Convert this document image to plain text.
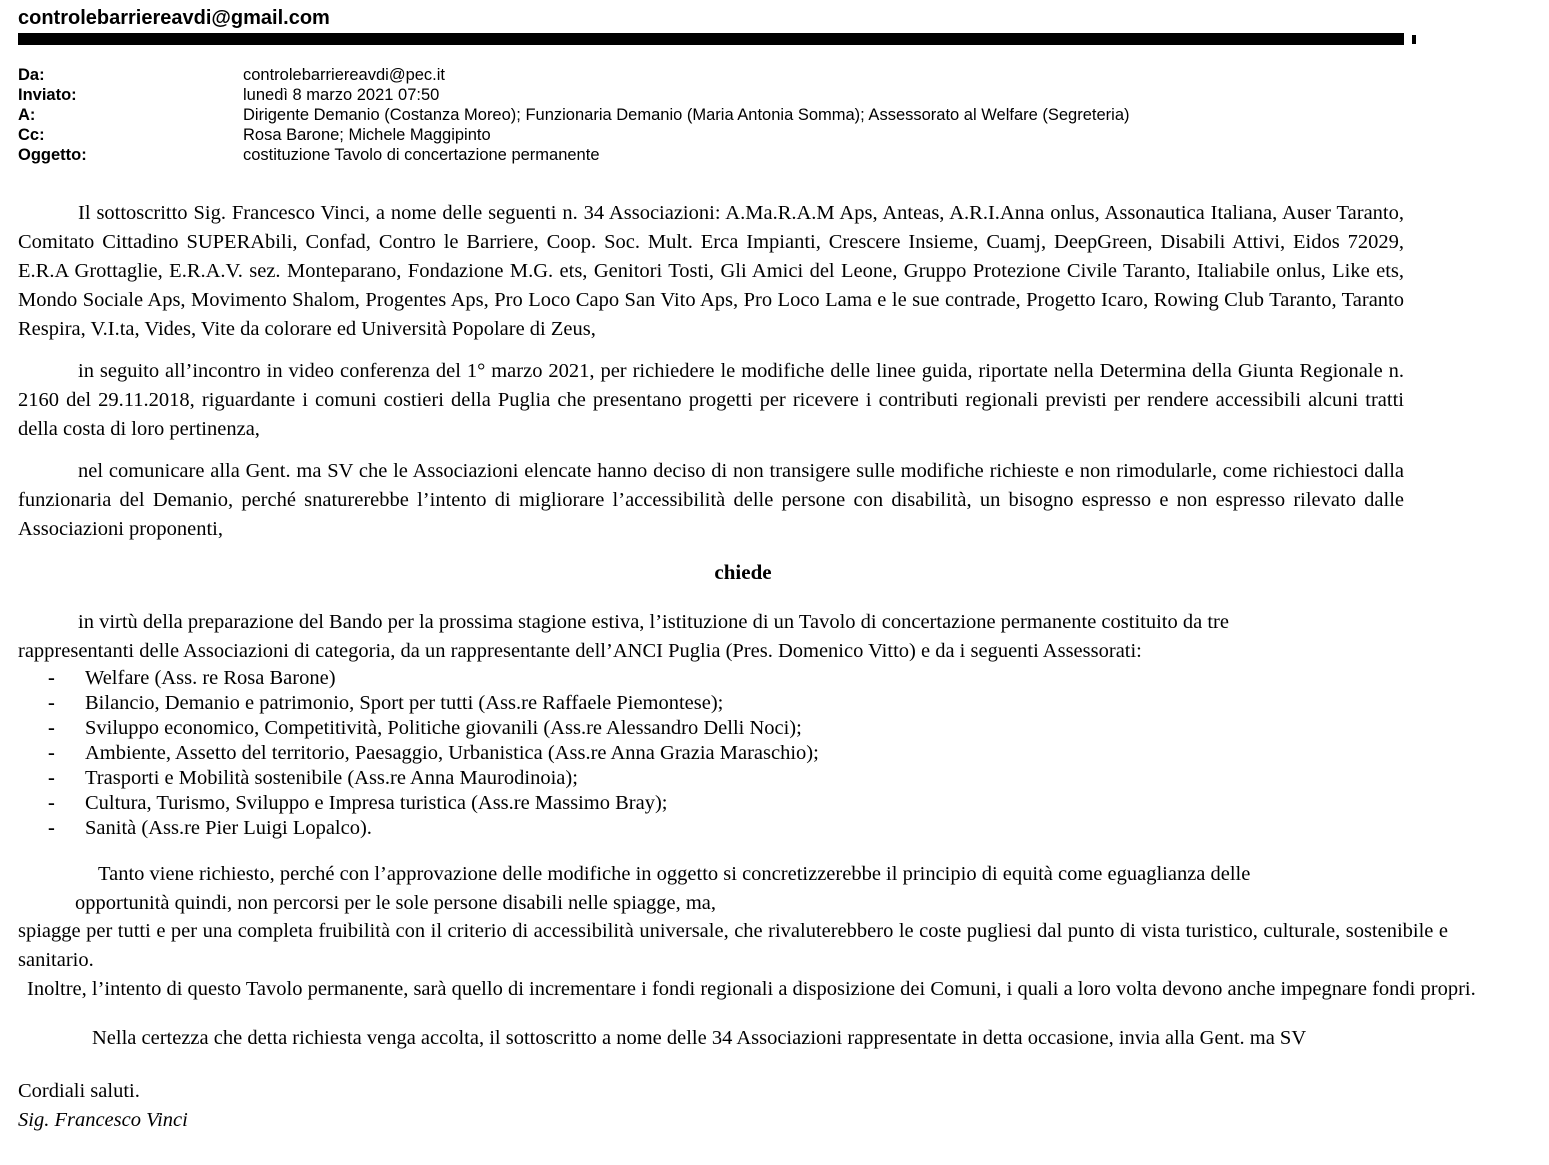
controlebarriereavdi@gmail.com
Da:	controlebarriereavdi@pec.it
Inviato:	lunedì 8 marzo 2021 07:50
A:	Dirigente Demanio (Costanza Moreo); Funzionaria Demanio (Maria Antonia Somma); Assessorato al Welfare (Segreteria)
Cc:	Rosa Barone; Michele Maggipinto
Oggetto:	costituzione Tavolo di concertazione permanente

Il sottoscritto Sig. Francesco Vinci, a nome delle seguenti n. 34 Associazioni: A.Ma.R.A.M Aps, Anteas, A.R.I.Anna onlus, Assonautica Italiana, Auser Taranto, Comitato Cittadino SUPERAbili, Confad, Contro le Barriere, Coop. Soc. Mult. Erca Impianti, Crescere Insieme, Cuamj, DeepGreen, Disabili Attivi, Eidos 72029, E.R.A Grottaglie, E.R.A.V. sez. Monteparano, Fondazione M.G. ets, Genitori Tosti, Gli Amici del Leone, Gruppo Protezione Civile Taranto, Italiabile onlus, Like ets, Mondo Sociale Aps, Movimento Shalom, Progentes Aps, Pro Loco Capo San Vito Aps, Pro Loco Lama e le sue contrade, Progetto Icaro, Rowing Club Taranto, Taranto Respira, V.I.ta, Vides, Vite da colorare ed Università Popolare di Zeus,

in seguito all’incontro in video conferenza del 1° marzo 2021, per richiedere le modifiche delle linee guida, riportate nella Determina della Giunta Regionale n. 2160 del 29.11.2018, riguardante i comuni costieri della Puglia che presentano progetti per ricevere i contributi regionali previsti per rendere accessibili alcuni tratti della costa di loro pertinenza,

nel comunicare alla Gent. ma SV che le Associazioni elencate hanno deciso di non transigere sulle modifiche richieste e non rimodularle, come richiestoci dalla funzionaria del Demanio, perché snaturerebbe l’intento di migliorare l’accessibilità delle persone con disabilità, un bisogno espresso e non espresso rilevato dalle Associazioni proponenti,

chiede

in virtù della preparazione del Bando per la prossima stagione estiva, l’istituzione di un Tavolo di concertazione permanente costituito da tre rappresentanti delle Associazioni di categoria, da un rappresentante dell’ANCI Puglia (Pres. Domenico Vitto) e da i seguenti Assessorati:

-	Welfare (Ass. re Rosa Barone)
-	Bilancio, Demanio e patrimonio, Sport per tutti (Ass.re Raffaele Piemontese);
-	Sviluppo economico, Competitività, Politiche giovanili (Ass.re Alessandro Delli Noci);
-	Ambiente, Assetto del territorio, Paesaggio, Urbanistica (Ass.re Anna Grazia Maraschio);
-	Trasporti e Mobilità sostenibile (Ass.re Anna Maurodinoia);
-	Cultura, Turismo, Sviluppo e Impresa turistica (Ass.re Massimo Bray);
-	Sanità (Ass.re Pier Luigi Lopalco).

Tanto viene richiesto, perché con l’approvazione delle modifiche in oggetto si concretizzerebbe il principio di equità come eguaglianza delle opportunità quindi, non percorsi per le sole persone disabili nelle spiagge, ma,

spiagge per tutti e per una completa fruibilità con il criterio di accessibilità universale, che rivaluterebbero le coste pugliesi dal punto di vista turistico, culturale, sostenibile e sanitario.

Inoltre, l’intento di questo Tavolo permanente, sarà quello di incrementare i fondi regionali a disposizione dei Comuni, i quali a loro volta devono anche impegnare fondi propri.

Nella certezza che detta richiesta venga accolta, il sottoscritto a nome delle 34 Associazioni rappresentate in detta occasione, invia alla Gent. ma SV

Cordiali saluti.

Sig. Francesco Vinci
